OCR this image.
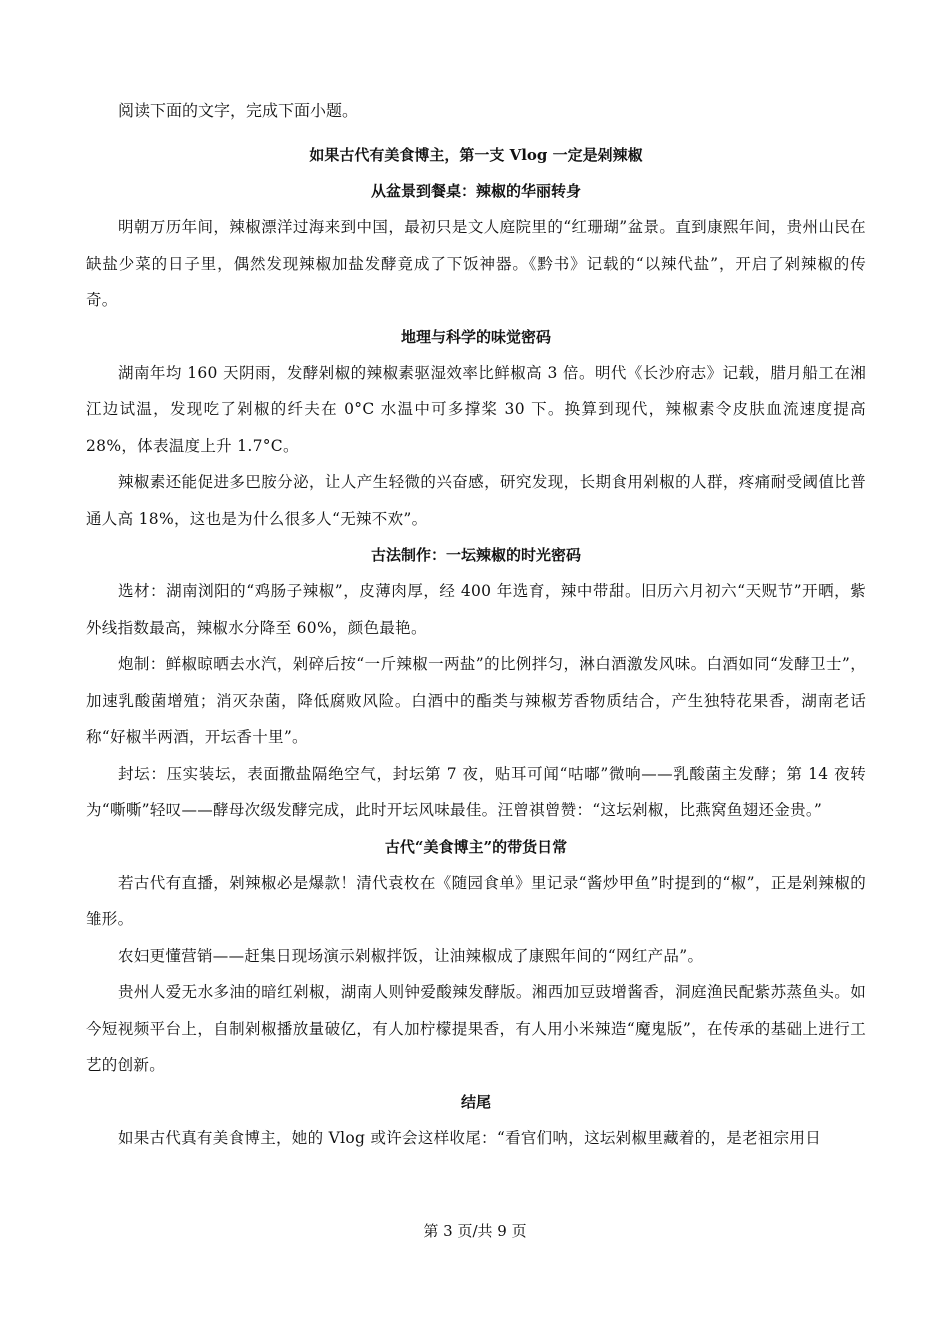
阅读下面的文字，完成下面小题。

如果古代有美食博主，第一支 Vlog 一定是剁辣椒

从盆景到餐桌：辣椒的华丽转身

明朝万历年间，辣椒漂洋过海来到中国，最初只是文人庭院里的“红珊瑚”盆景。直到康熙年间，贵州山民在缺盐少菜的日子里，偶然发现辣椒加盐发酵竟成了下饭神器。《黔书》记载的“以辣代盐”，开启了剁辣椒的传奇。

地理与科学的味觉密码

湖南年均 160 天阴雨，发酵剁椒的辣椒素驱湿效率比鲜椒高 3 倍。明代《长沙府志》记载，腊月船工在湘江边试温，发现吃了剁椒的纤夫在 0°C 水温中可多撑桨 30 下。换算到现代，辣椒素令皮肤血流速度提高 28%，体表温度上升 1.7°C。

辣椒素还能促进多巴胺分泌，让人产生轻微的兴奋感，研究发现，长期食用剁椒的人群，疼痛耐受阈值比普通人高 18%，这也是为什么很多人“无辣不欢”。

古法制作：一坛辣椒的时光密码

选材：湖南浏阳的“鸡肠子辣椒”，皮薄肉厚，经 400 年选育，辣中带甜。旧历六月初六“天贶节”开晒，紫外线指数最高，辣椒水分降至 60%，颜色最艳。

炮制：鲜椒晾晒去水汽，剁碎后按“一斤辣椒一两盐”的比例拌匀，淋白酒激发风味。白酒如同“发酵卫士”，加速乳酸菌增殖；消灭杂菌，降低腐败风险。白酒中的酯类与辣椒芳香物质结合，产生独特花果香，湖南老话称“好椒半两酒，开坛香十里”。

封坛：压实装坛，表面撒盐隔绝空气，封坛第 7 夜，贴耳可闻“咕嘟”微响——乳酸菌主发酵；第 14 夜转为“嘶嘶”轻叹——酵母次级发酵完成，此时开坛风味最佳。汪曾祺曾赞：“这坛剁椒，比燕窝鱼翅还金贵。”

古代“美食博主”的带货日常

若古代有直播，剁辣椒必是爆款！清代袁枚在《随园食单》里记录“酱炒甲鱼”时提到的“椒”，正是剁辣椒的雏形。

农妇更懂营销——赶集日现场演示剁椒拌饭，让油辣椒成了康熙年间的“网红产品”。

贵州人爱无水多油的暗红剁椒，湖南人则钟爱酸辣发酵版。湘西加豆豉增酱香，洞庭渔民配紫苏蒸鱼头。如今短视频平台上，自制剁椒播放量破亿，有人加柠檬提果香，有人用小米辣造“魔鬼版”，在传承的基础上进行工艺的创新。

结尾

如果古代真有美食博主，她的 Vlog 或许会这样收尾：“看官们呐，这坛剁椒里藏着的，是老祖宗用日

第 3 页/共 9 页
